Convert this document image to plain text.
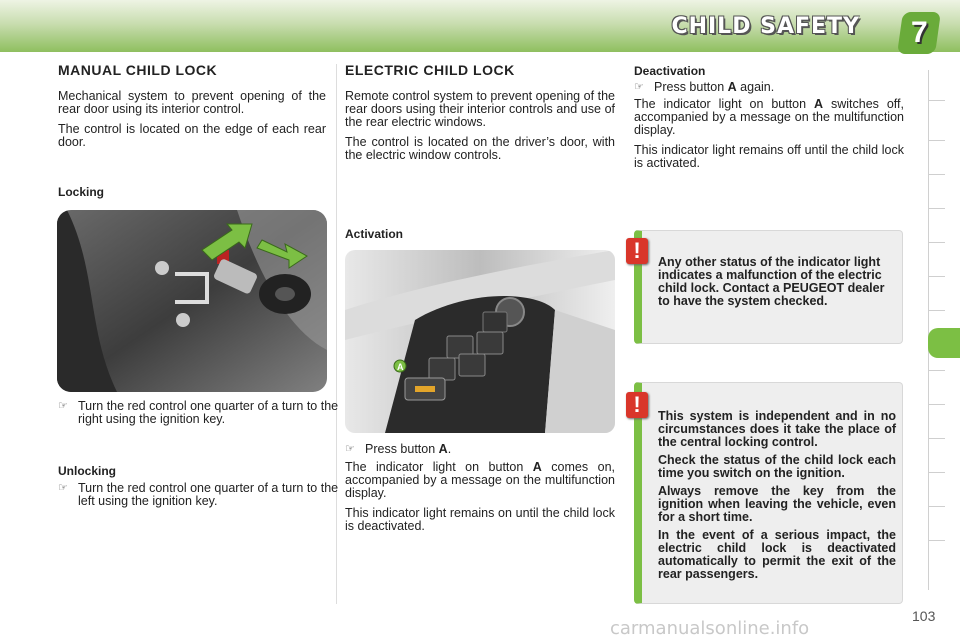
CHILD SAFETY 7
MANUAL CHILD LOCK

Mechanical system to prevent opening of the rear door using its interior control.

The control is located on the edge of each rear door.

Locking
☞ Turn the red control one quarter of a turn to the right using the ignition key.
Unlocking
☞ Turn the red control one quarter of a turn to the left using the ignition key.
ELECTRIC CHILD LOCK

Remote control system to prevent opening of the rear doors using their interior controls and use of the rear electric windows.

The control is located on the driver’s door, with the electric window controls.

Activation
A
☞ Press button A.

The indicator light on button A comes on, accompanied by a message on the multifunction display.

This indicator light remains on until the child lock is deactivated.

Deactivation
☞ Press button A again.

The indicator light on button A switches off, accompanied by a message on the multifunction display.

This indicator light remains off until the child lock is activated.

!	Any other status of the indicator light indicates a malfunction of the electric child lock. Contact a PEUGEOT dealer to have the system checked.
!	This system is independent and in no circumstances does it take the place of the central locking control.

Check the status of the child lock each time you switch on the ignition.

Always remove the key from the ignition when leaving the vehicle, even for a short time.

In the event of a serious impact, the electric child lock is deactivated automatically to permit the exit of the rear passengers.

103
carmanualsonline.info
